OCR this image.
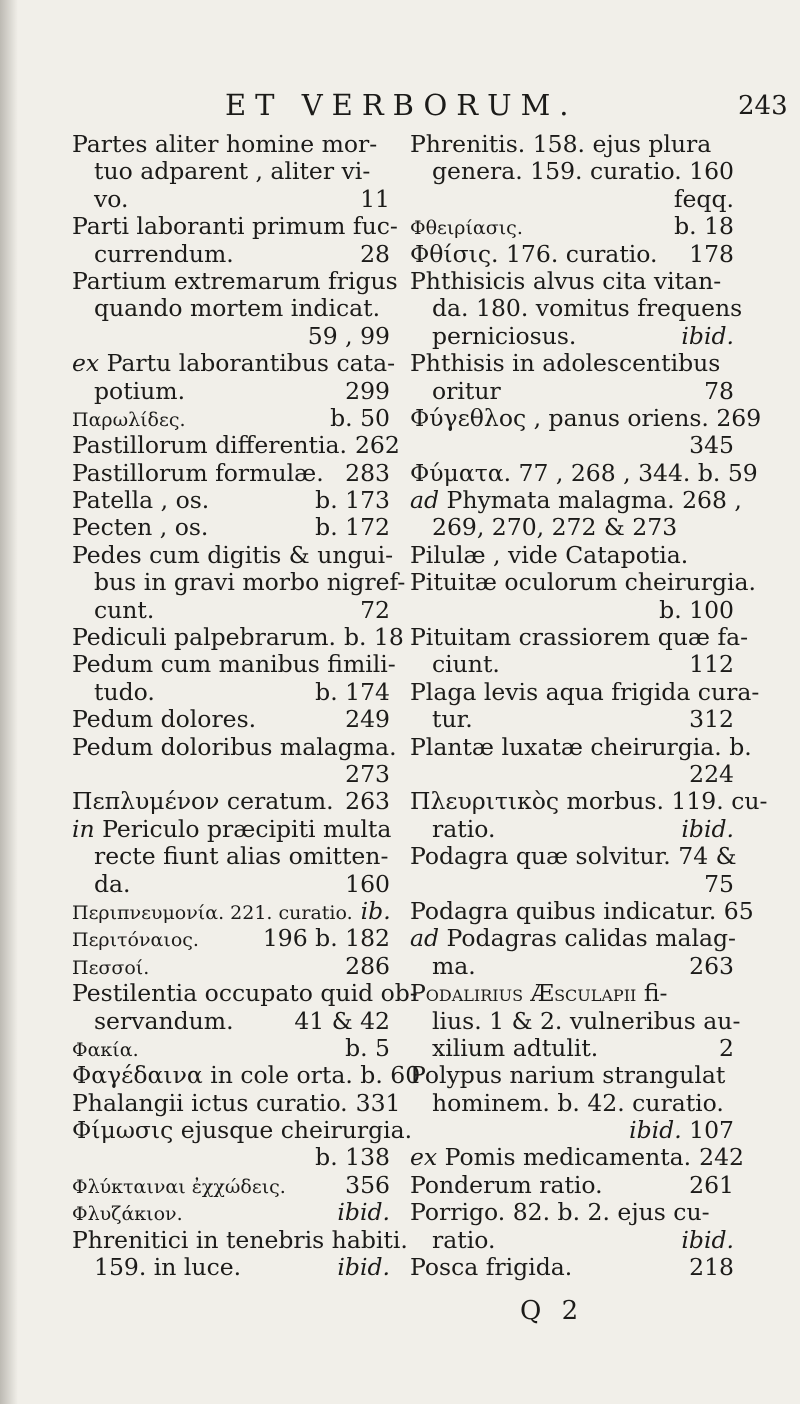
ET VERBORUM.	243
Partes aliter homine mor-
tuo adparent , aliter vi-
vo.	11
Parti laboranti primum fuc-
currendum.	28
Partium extremarum frigus
quando mortem indicat.
59 , 99
ex Partu laborantibus cata-
potium.	299
Παρωλίδες.	b. 50
Pastillorum differentia. 262
Pastillorum formulæ. 283
Patella , os.	b. 173
Pecten , os.	b. 172
Pedes cum digitis & ungui-
bus in gravi morbo nigref-
cunt.	72
Pediculi palpebrarum. b. 18
Pedum cum manibus fimili-
tudo.	b. 174
Pedum dolores.	249
Pedum doloribus malagma.
273
Πεπλυμένον ceratum. 263
in Periculo præcipiti multa
recte fiunt alias omitten-
da.	160
Περιπνευμονία. 221. curatio. ib.
Περιτόναιος.	196 b. 182
Πεσσοί.	286
Pestilentia occupato quid ob-
servandum.	41 & 42
Φακία.	b. 5
Φαγέδαινα in cole orta. b. 60
Phalangii ictus curatio. 331
Φίμωσις ejusque cheirurgia.
b. 138
Φλύκταιναι ἐχχώδεις.	356
Φλυζάκιον.	ibid.
Phrenitici in tenebris habiti.
159. in luce.	ibid.
Phrenitis. 158. ejus plura
genera. 159. curatio. 160
feqq.
Φθειρίασις.	b. 18
Φθίσις. 176. curatio. 178
Phthisicis alvus cita vitan-
da. 180. vomitus frequens
perniciosus.	ibid.
Phthisis in adolescentibus
oritur	78
Φύγεθλος , panus oriens. 269
345
Φύματα. 77 , 268 , 344. b. 59
ad Phymata malagma. 268 ,
269, 270, 272 & 273
Pilulæ , vide Catapotia.
Pituitæ oculorum cheirurgia.
b. 100
Pituitam crassiorem quæ fa-
ciunt.	112
Plaga levis aqua frigida cura-
tur.	312
Plantæ luxatæ cheirurgia. b.
224
Πλευριτικὸς morbus. 119. cu-
ratio.	ibid.
Podagra quæ solvitur. 74 &
75
Podagra quibus indicatur. 65
ad Podagras calidas malag-
ma.	263
Podalirius Æsculapii fi-
lius. 1 & 2. vulneribus au-
xilium adtulit.	2
Polypus narium strangulat
hominem. b. 42. curatio.
ibid. 107
ex Pomis medicamenta. 242
Ponderum ratio.	261
Porrigo. 82. b. 2. ejus cu-
ratio.	ibid.
Posca frigida.	218
Q 2
